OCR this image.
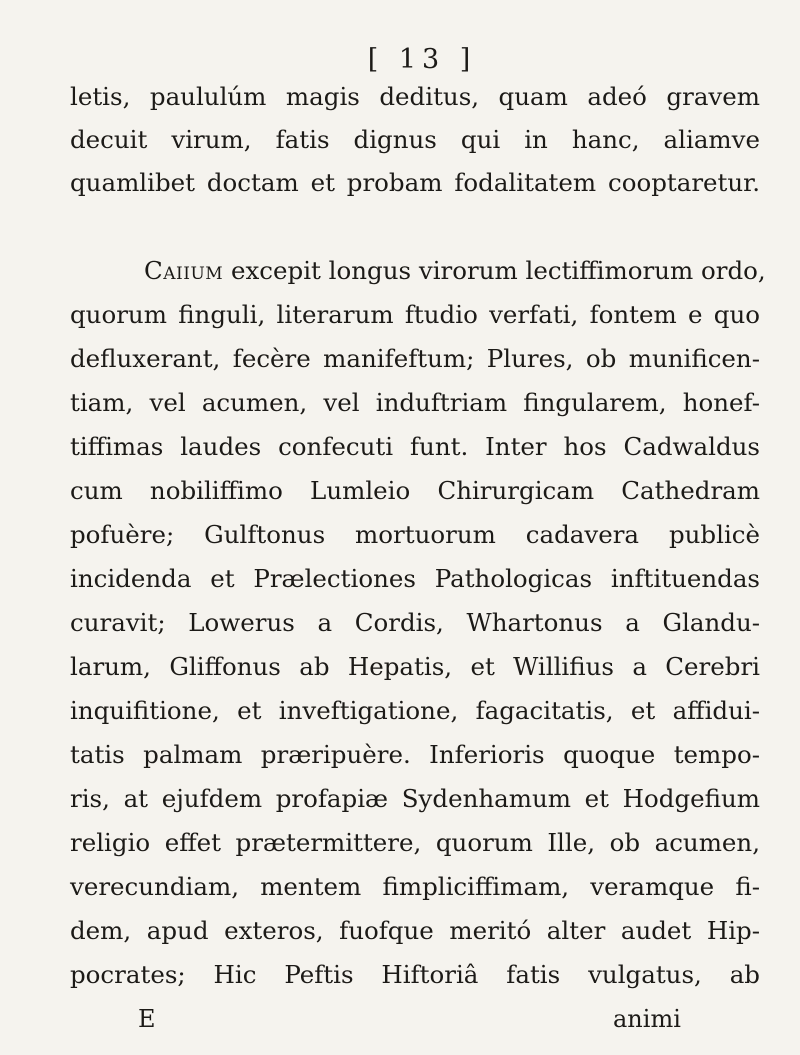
[ 13 ]
letis, paululúm magis deditus, quam adeó gravem
decuit virum, fatis dignus qui in hanc, aliamve
quamlibet doctam et probam fodalitatem cooptaretur.
Caiium excepit longus virorum lectiffimorum ordo,
quorum finguli, literarum ftudio verfati, fontem e quo
defluxerant, fecère manifeftum; Plures, ob munificen-
tiam, vel acumen, vel induftriam fingularem, honef-
tiffimas laudes confecuti funt. Inter hos Cadwaldus
cum nobiliffimo Lumleio Chirurgicam Cathedram
pofuère; Gulftonus mortuorum cadavera publicè
incidenda et Prælectiones Pathologicas inftituendas
curavit; Lowerus a Cordis, Whartonus a Glandu-
larum, Gliffonus ab Hepatis, et Willifius a Cerebri
inquifitione, et inveftigatione, fagacitatis, et affidui-
tatis palmam præripuère. Inferioris quoque tempo-
ris, at ejufdem profapiæ Sydenhamum et Hodgefium
religio effet prætermittere, quorum Ille, ob acumen,
verecundiam, mentem fimpliciffimam, veramque fi-
dem, apud exteros, fuofque meritó alter audet Hip-
pocrates; Hic Peftis Hiftoriâ fatis vulgatus, ab
E	animi
